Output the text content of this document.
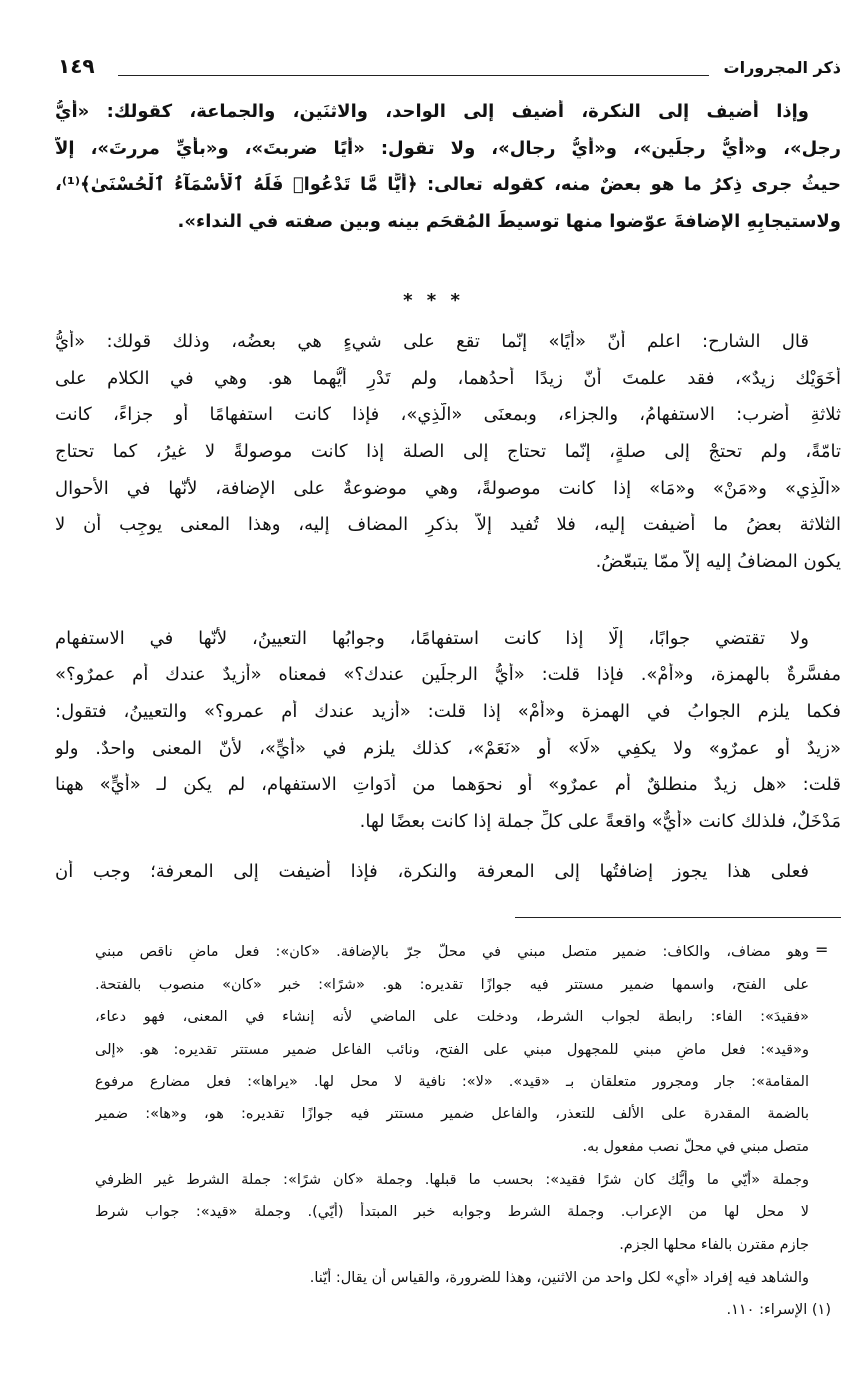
ذكر المجرورات
١٤٩
وإذا أضيف إلى النكرة، أضيف إلى الواحد، والاثنَين، والجماعة، كقولك: «أيُّ
رجل»، و«أيُّ رجلَين»، و«أيُّ رجال»، ولا تقول: «أيًا ضربتَ»، و«بأيِّ مررتَ»، إلاّ
حيثُ جرى ذِكرُ ما هو بعضٌ منه، كقوله تعالى: ﴿أَيًّا مَّا تَدْعُوا۟ فَلَهُ ٱلْأَسْمَآءُ ٱلْحُسْنَىٰ﴾⁽¹⁾،
ولاستيجابِهِ الإضافةَ عوّضوا منها توسيطَ المُقحَم بينه وبين صفته في النداء».
* * *
قال الشارح: اعلم أنّ «أيًا» إنّما تقع على شيءٍ هي بعضُه، وذلك قولك: «أَيُّ
أَخَوَيْك زيدٌ»، فقد علمتَ أنّ زيدًا أحدُهما، ولم تَدْرِ أَيُّهما هو. وهي في الكلام على
ثلاثةِ أضرب: الاستفهامُ، والجزاء، وبمعنَى «الَّذِي»، فإذا كانت استفهامًا أو جزاءً، كانت
تامّةً، ولم تحتجْ إلى صلةٍ، إنّما تحتاج إلى الصلة إذا كانت موصولةً لا غيرُ، كما تحتاج
«الَّذِي» و«مَنْ» و«مَا» إذا كانت موصولةً، وهي موضوعةٌ على الإضافة، لأنّها في الأحوال
الثلاثة بعضُ ما أضيفت إليه، فلا تُفيد إلاّ بذكرِ المضاف إليه، وهذا المعنى يوجِب أن لا
يكون المضافُ إليه إلاّ ممّا يتبعّضُ.
ولا تقتضي جوابًا، إلّا إذا كانت استفهامًا، وجوابُها التعيينُ، لأنّها في الاستفهام
مفسَّرةٌ بالهمزة، و«أَمْ». فإذا قلت: «أيُّ الرجلَين عندك؟» فمعناه «أزيدٌ عندك أم عمرٌو؟»
فكما يلزم الجوابُ في الهمزة و«أَمْ» إذا قلت: «أزيد عندك أم عمرو؟» والتعيينُ، فتقول:
«زيدٌ أو عمرٌو» ولا يكفِي «لَا» أو «نَعَمْ»، كذلك يلزم في «أَيٍّ»، لأنّ المعنى واحدٌ. ولو
قلت: «هل زيدٌ منطلقٌ أم عمرٌو» أو نحوَهما من أَدَواتِ الاستفهام، لم يكن لـ «أيٍّ» ههنا
مَدْخَلٌ، فلذلك كانت «أَيٌّ» واقعةً على كلِّ جملة إذا كانت بعضًا لها.
فعلى هذا يجوز إضافتُها إلى المعرفة والنكرة، فإذا أضيفت إلى المعرفة؛ وجب أن
=
وهو مضاف، والكاف: ضمير متصل مبني في محلّ جرّ بالإضافة. «كان»: فعل ماضٍ ناقص مبني
على الفتح، واسمها ضمير مستتر فيه جوازًا تقديره: هو. «شرًا»: خبر «كان» منصوب بالفتحة.
«فقيدَ»: الفاء: رابطة لجواب الشرط، ودخلت على الماضي لأنه إنشاء في المعنى، فهو دعاء،
و«قيد»: فعل ماضٍ مبني للمجهول مبني على الفتح، ونائب الفاعل ضمير مستتر تقديره: هو. «إلى
المقامة»: جار ومجرور متعلقان بـ «قيد». «لا»: نافية لا محل لها. «يراها»: فعل مضارع مرفوع
بالضمة المقدرة على الألف للتعذر، والفاعل ضمير مستتر فيه جوازًا تقديره: هو، و«ها»: ضمير
متصل مبني في محلّ نصب مفعول به.
وجملة «أيّي ما وأيُّك كان شرًا فقيد»: بحسب ما قبلها. وجملة «كان شرًا»: جملة الشرط غير الظرفي
لا محل لها من الإعراب. وجملة الشرط وجوابه خبر المبتدأ (أيّي). وجملة «قيد»: جواب شرط
جازم مقترن بالفاء محلها الجزم.
والشاهد فيه إفراد «أي» لكل واحد من الاثنين، وهذا للضرورة، والقياس أن يقال: أيّنا.
(١) الإسراء: ١١٠.
